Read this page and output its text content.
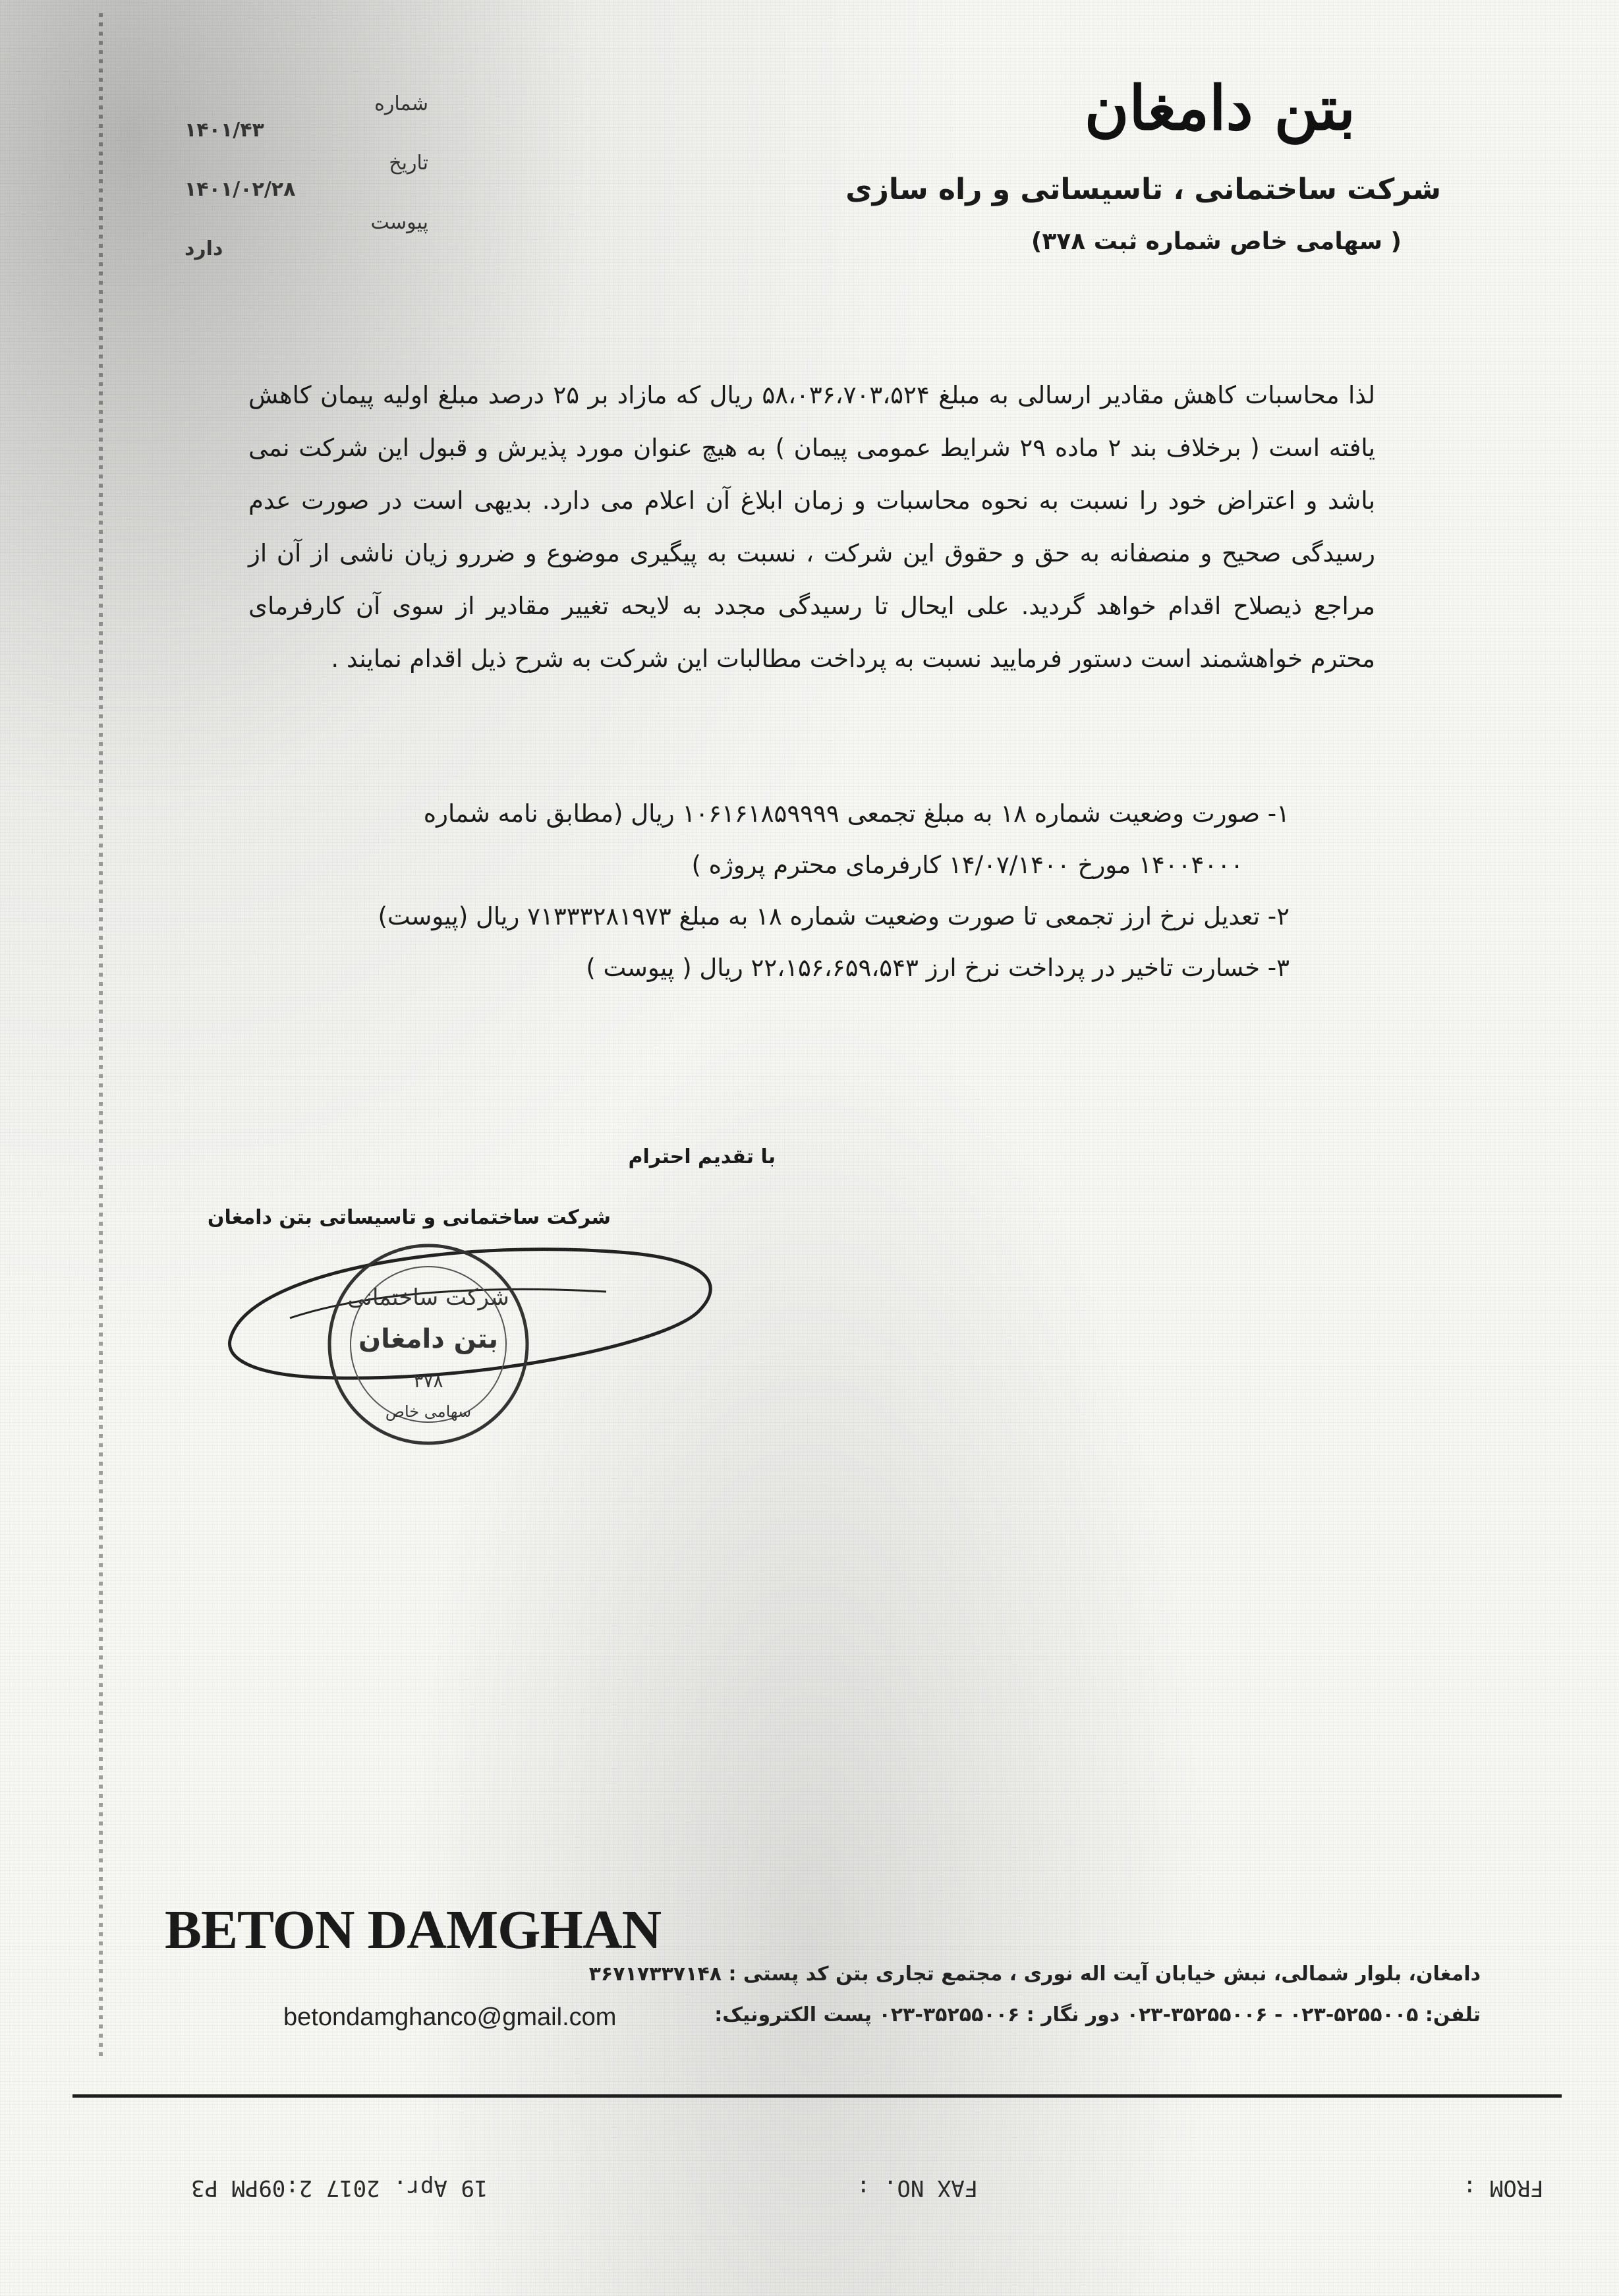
بتن دامغان
شرکت ساختمانی ، تاسیساتی و راه سازی
( سهامی خاص شماره ثبت ۳۷۸)
شماره
۱۴۰۱/۴۳
تاریخ
۱۴۰۱/۰۲/۲۸
پیوست
دارد
لذا محاسبات کاهش مقادیر ارسالی به مبلغ ۵۸،۰۳۶،۷۰۳،۵۲۴ ریال که مازاد بر ۲۵ درصد مبلغ اولیه پیمان کاهش یافته است ( برخلاف بند ۲ ماده ۲۹ شرایط عمومی پیمان ) به هیچ عنوان مورد پذیرش و قبول این شرکت نمی باشد و اعتراض خود را نسبت به نحوه محاسبات و زمان ابلاغ آن اعلام می دارد. بدیهی است در صورت عدم رسیدگی صحیح و منصفانه به حق و حقوق این شرکت ، نسبت به پیگیری موضوع و ضررو زیان ناشی از آن از مراجع ذیصلاح اقدام خواهد گردید. علی ایحال تا رسیدگی مجدد به لایحه تغییر مقادیر از سوی آن کارفرمای محترم خواهشمند است دستور فرمایید نسبت به پرداخت مطالبات این شرکت به شرح ذیل اقدام نمایند .
۱- صورت وضعیت شماره ۱۸ به مبلغ تجمعی ۱۰۶۱۶۱۸۵۹۹۹۹ ریال (مطابق نامه شماره
۱۴۰۰۴۰۰۰ مورخ ۱۴/۰۷/۱۴۰۰ کارفرمای محترم پروژه )
۲- تعدیل نرخ ارز تجمعی تا صورت وضعیت شماره ۱۸ به مبلغ ۷۱۳۳۳۲۸۱۹۷۳ ریال (پیوست)
۳- خسارت تاخیر در پرداخت نرخ ارز ۲۲،۱۵۶،۶۵۹،۵۴۳ ریال ( پیوست )
با تقدیم احترام
شرکت ساختمانی و تاسیساتی بتن دامغان
شرکت ساختمانی
بتن دامغان
۳۷۸
سهامی خاص
BETON DAMGHAN
دامغان، بلوار شمالی، نبش خیابان آیت اله نوری ، مجتمع تجاری بتن کد پستی : ۳۶۷۱۷۳۳۷۱۴۸
تلفن: ۵۲۵۵۰۰۵-۰۲۳ - ۳۵۲۵۵۰۰۶-۰۲۳ دور نگار : ۳۵۲۵۵۰۰۶-۰۲۳ پست الکترونیک:
betondamghanco@gmail.com
FROM :
FAX NO. :
19 Apr. 2017 2:09PM P3
